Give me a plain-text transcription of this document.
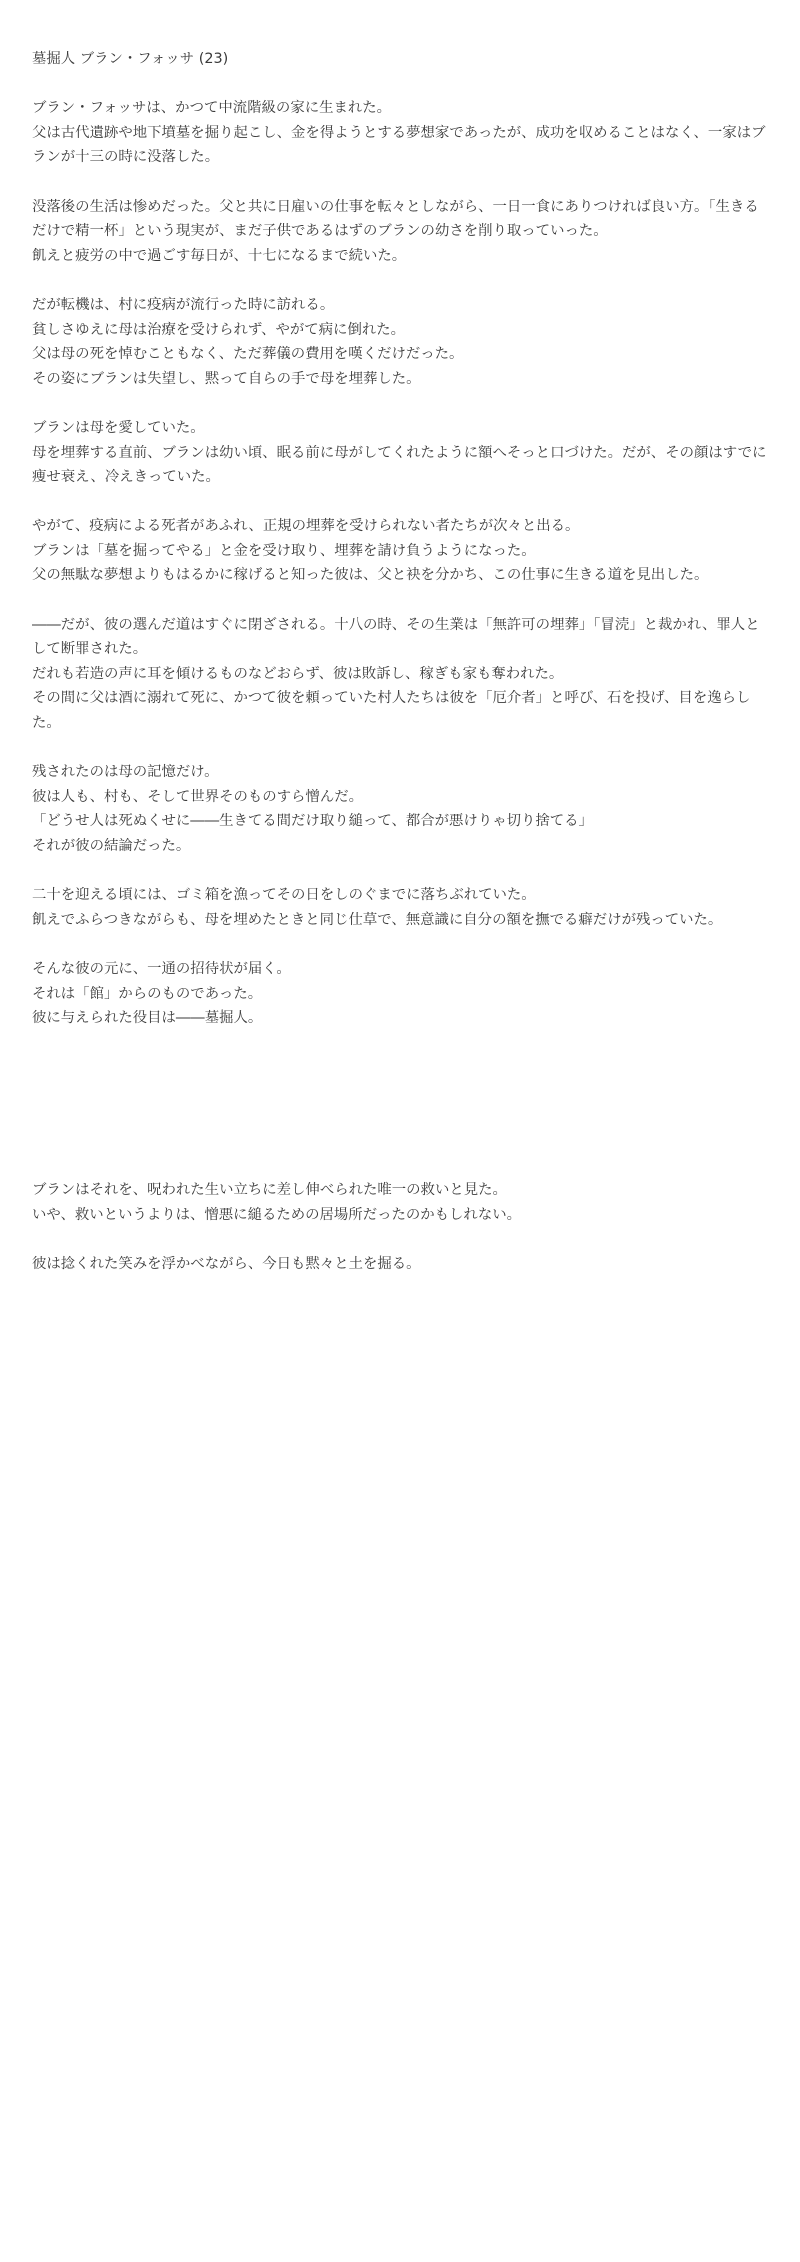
墓掘人 ブラン・フォッサ (23)

ブラン・フォッサは、かつて中流階級の家に生まれた。
父は古代遺跡や地下墳墓を掘り起こし、金を得ようとする夢想家であったが、成功を収めることはなく、一家はブランが十三の時に没落した。
没落後の生活は惨めだった。父と共に日雇いの仕事を転々としながら、一日一食にありつければ良い方。「生きるだけで精一杯」という現実が、まだ子供であるはずのブランの幼さを削り取っていった。
飢えと疲労の中で過ごす毎日が、十七になるまで続いた。
だが転機は、村に疫病が流行った時に訪れる。
貧しさゆえに母は治療を受けられず、やがて病に倒れた。
父は母の死を悼むこともなく、ただ葬儀の費用を嘆くだけだった。
その姿にブランは失望し、黙って自らの手で母を埋葬した。
ブランは母を愛していた。
母を埋葬する直前、ブランは幼い頃、眠る前に母がしてくれたように額へそっと口づけた。だが、その顔はすでに痩せ衰え、冷えきっていた。
やがて、疫病による死者があふれ、正規の埋葬を受けられない者たちが次々と出る。
ブランは「墓を掘ってやる」と金を受け取り、埋葬を請け負うようになった。
父の無駄な夢想よりもはるかに稼げると知った彼は、父と袂を分かち、この仕事に生きる道を見出した。
――だが、彼の選んだ道はすぐに閉ざされる。十八の時、その生業は「無許可の埋葬」「冒涜」と裁かれ、罪人として断罪された。
だれも若造の声に耳を傾けるものなどおらず、彼は敗訴し、稼ぎも家も奪われた。
その間に父は酒に溺れて死に、かつて彼を頼っていた村人たちは彼を「厄介者」と呼び、石を投げ、目を逸らした。
残されたのは母の記憶だけ。
彼は人も、村も、そして世界そのものすら憎んだ。
「どうせ人は死ぬくせに――生きてる間だけ取り縋って、都合が悪けりゃ切り捨てる」
それが彼の結論だった。
二十を迎える頃には、ゴミ箱を漁ってその日をしのぐまでに落ちぶれていた。
飢えでふらつきながらも、母を埋めたときと同じ仕草で、無意識に自分の額を撫でる癖だけが残っていた。
そんな彼の元に、一通の招待状が届く。
それは「館」からのものであった。
彼に与えられた役目は――墓掘人。
ブランはそれを、呪われた生い立ちに差し伸べられた唯一の救いと見た。
いや、救いというよりは、憎悪に縋るための居場所だったのかもしれない。
彼は捻くれた笑みを浮かべながら、今日も黙々と土を掘る。
